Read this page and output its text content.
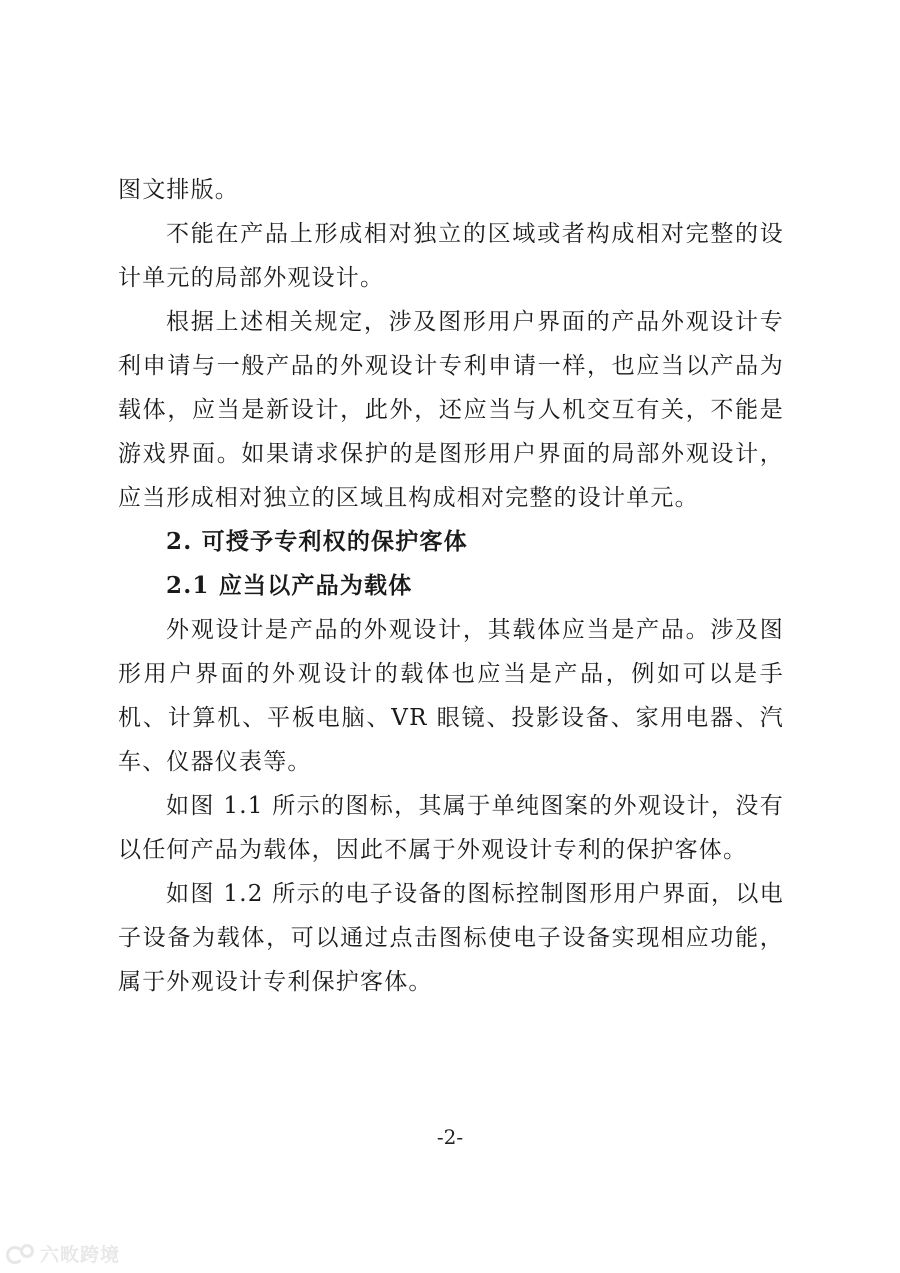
图文排版。

不能在产品上形成相对独立的区域或者构成相对完整的设计单元的局部外观设计。

根据上述相关规定，涉及图形用户界面的产品外观设计专利申请与一般产品的外观设计专利申请一样，也应当以产品为载体，应当是新设计，此外，还应当与人机交互有关，不能是游戏界面。如果请求保护的是图形用户界面的局部外观设计，应当形成相对独立的区域且构成相对完整的设计单元。

2. 可授予专利权的保护客体
2.1 应当以产品为载体

外观设计是产品的外观设计，其载体应当是产品。涉及图形用户界面的外观设计的载体也应当是产品，例如可以是手机、计算机、平板电脑、VR 眼镜、投影设备、家用电器、汽车、仪器仪表等。

如图 1.1 所示的图标，其属于单纯图案的外观设计，没有以任何产品为载体，因此不属于外观设计专利的保护客体。

如图 1.2 所示的电子设备的图标控制图形用户界面，以电子设备为载体，可以通过点击图标使电子设备实现相应功能，属于外观设计专利保护客体。

-2-
六畋跨境
